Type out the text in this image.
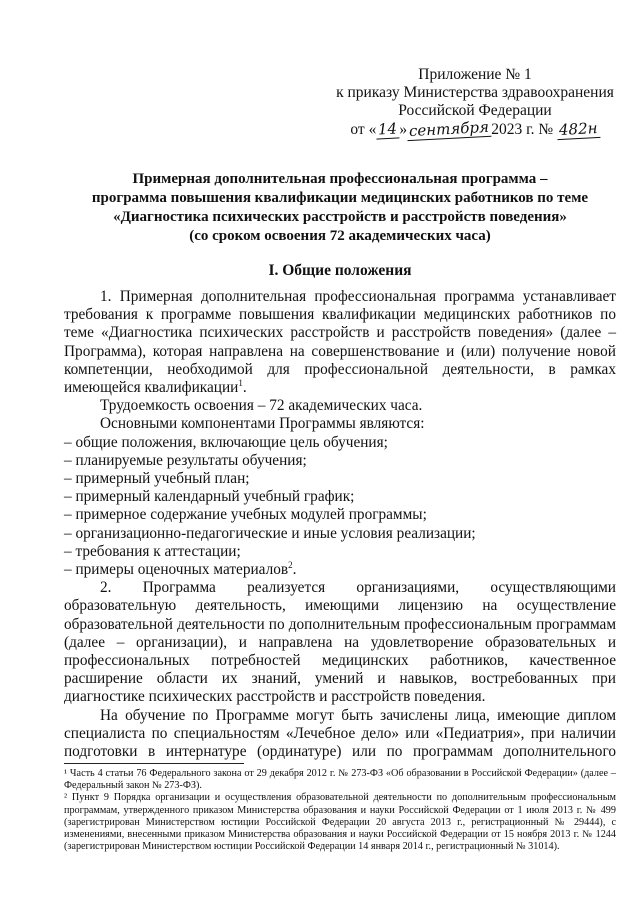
Приложение № 1
к приказу Министерства здравоохранения
Российской Федерации
от « 14 » сентября 2023 г. №
482н
Примерная дополнительная профессиональная программа –
программа повышения квалификации медицинских работников по теме
«Диагностика психических расстройств и расстройств поведения»
(со сроком освоения 72 академических часа)
I. Общие положения

1. Примерная дополнительная профессиональная программа устанавливает требования к программе повышения квалификации медицинских работников по теме «Диагностика психических расстройств и расстройств поведения» (далее – Программа), которая направлена на совершенствование и (или) получение новой компетенции, необходимой для профессиональной деятельности, в рамках имеющейся квалификации$^1$.

Трудоемкость освоения – 72 академических часа.

Основными компонентами Программы являются:

– общие положения, включающие цель обучения;

– планируемые результаты обучения;

– примерный учебный план;

– примерный календарный учебный график;

– примерное содержание учебных модулей программы;

– организационно-педагогические и иные условия реализации;

– требования к аттестации;

– примеры оценочных материалов$^2$.

2. Программа реализуется организациями, осуществляющими образовательную деятельность, имеющими лицензию на осуществление образовательной деятельности по дополнительным профессиональным программам (далее – организации), и направлена на удовлетворение образовательных и профессиональных потребностей медицинских работников, качественное расширение области их знаний, умений и навыков, востребованных при диагностике психических расстройств и расстройств поведения.

На обучение по Программе могут быть зачислены лица, имеющие диплом специалиста по специальностям «Лечебное дело» или «Педиатрия», при наличии подготовки в интернатуре (ординатуре) или по программам дополнительного

¹ Часть 4 статьи 76 Федерального закона от 29 декабря 2012 г. № 273-ФЗ «Об образовании в Российской Федерации» (далее – Федеральный закон № 273-ФЗ).

² Пункт 9 Порядка организации и осуществления образовательной деятельности по дополнительным профессиональным программам, утвержденного приказом Министерства образования и науки Российской Федерации от 1 июля 2013 г. № 499 (зарегистрирован Министерством юстиции Российской Федерации 20 августа 2013 г., регистрационный № 29444), с изменениями, внесенными приказом Министерства образования и науки Российской Федерации от 15 ноября 2013 г. № 1244 (зарегистрирован Министерством юстиции Российской Федерации 14 января 2014 г., регистрационный № 31014).
